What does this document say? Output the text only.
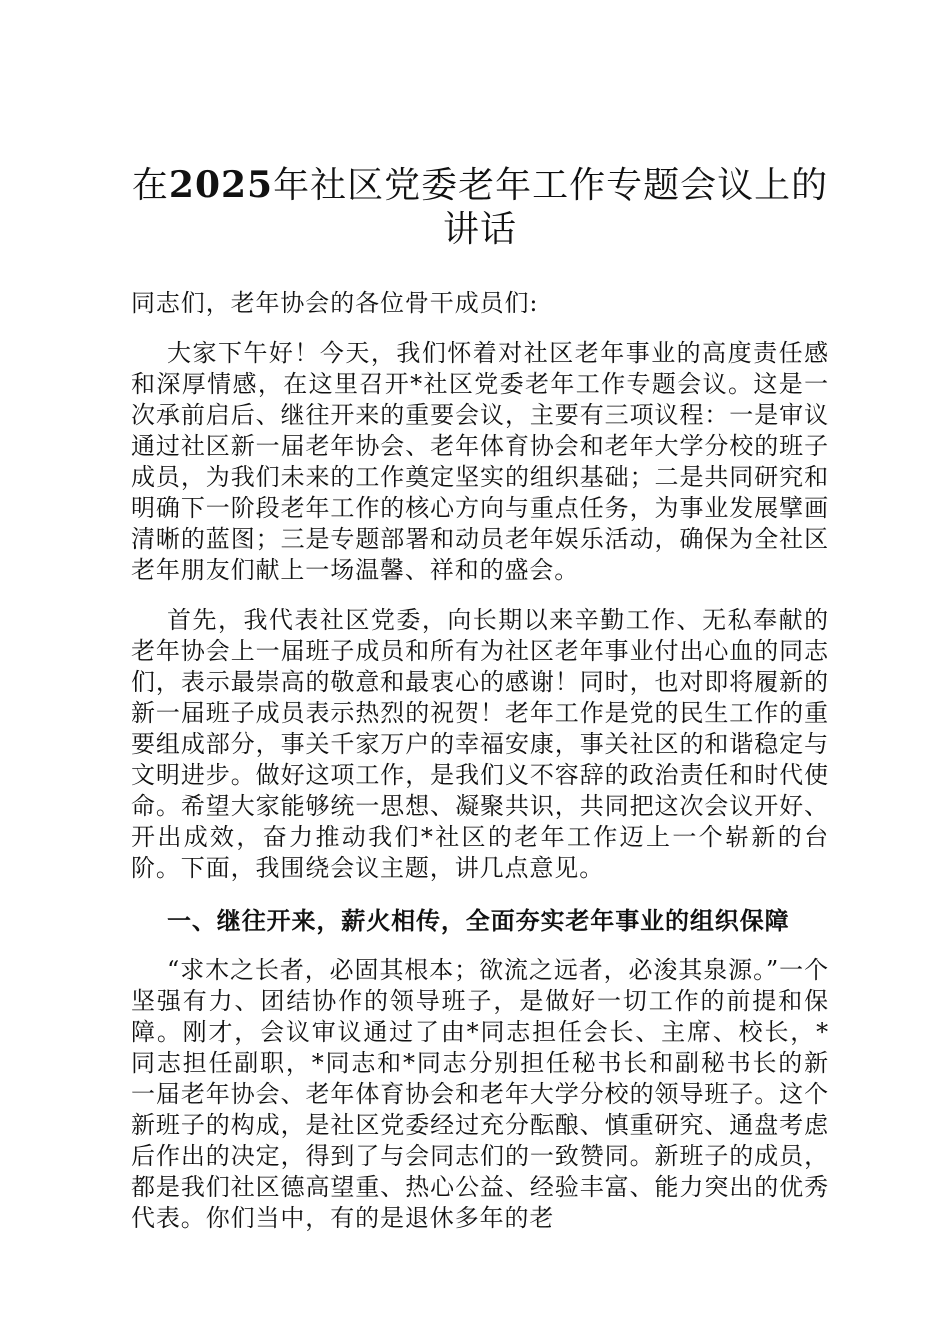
在2025年社区党委老年工作专题会议上的讲话

同志们，老年协会的各位骨干成员们:

大家下午好！今天，我们怀着对社区老年事业的高度责任感和深厚情感，在这里召开*社区党委老年工作专题会议。这是一次承前启后、继往开来的重要会议，主要有三项议程：一是审议通过社区新一届老年协会、老年体育协会和老年大学分校的班子成员，为我们未来的工作奠定坚实的组织基础；二是共同研究和明确下一阶段老年工作的核心方向与重点任务，为事业发展擘画清晰的蓝图；三是专题部署和动员老年娱乐活动，确保为全社区老年朋友们献上一场温馨、祥和的盛会。

首先，我代表社区党委，向长期以来辛勤工作、无私奉献的老年协会上一届班子成员和所有为社区老年事业付出心血的同志们，表示最崇高的敬意和最衷心的感谢！同时，也对即将履新的新一届班子成员表示热烈的祝贺！老年工作是党的民生工作的重要组成部分，事关千家万户的幸福安康，事关社区的和谐稳定与文明进步。做好这项工作，是我们义不容辞的政治责任和时代使命。希望大家能够统一思想、凝聚共识，共同把这次会议开好、开出成效，奋力推动我们*社区的老年工作迈上一个崭新的台阶。下面，我围绕会议主题，讲几点意见。

一、继往开来，薪火相传，全面夯实老年事业的组织保障

“求木之长者，必固其根本；欲流之远者，必浚其泉源。”一个坚强有力、团结协作的领导班子，是做好一切工作的前提和保障。刚才，会议审议通过了由*同志担任会长、主席、校长，*同志担任副职，*同志和*同志分别担任秘书长和副秘书长的新一届老年协会、老年体育协会和老年大学分校的领导班子。这个新班子的构成，是社区党委经过充分酝酿、慎重研究、通盘考虑后作出的决定，得到了与会同志们的一致赞同。新班子的成员，都是我们社区德高望重、热心公益、经验丰富、能力突出的优秀代表。你们当中，有的是退休多年的老
